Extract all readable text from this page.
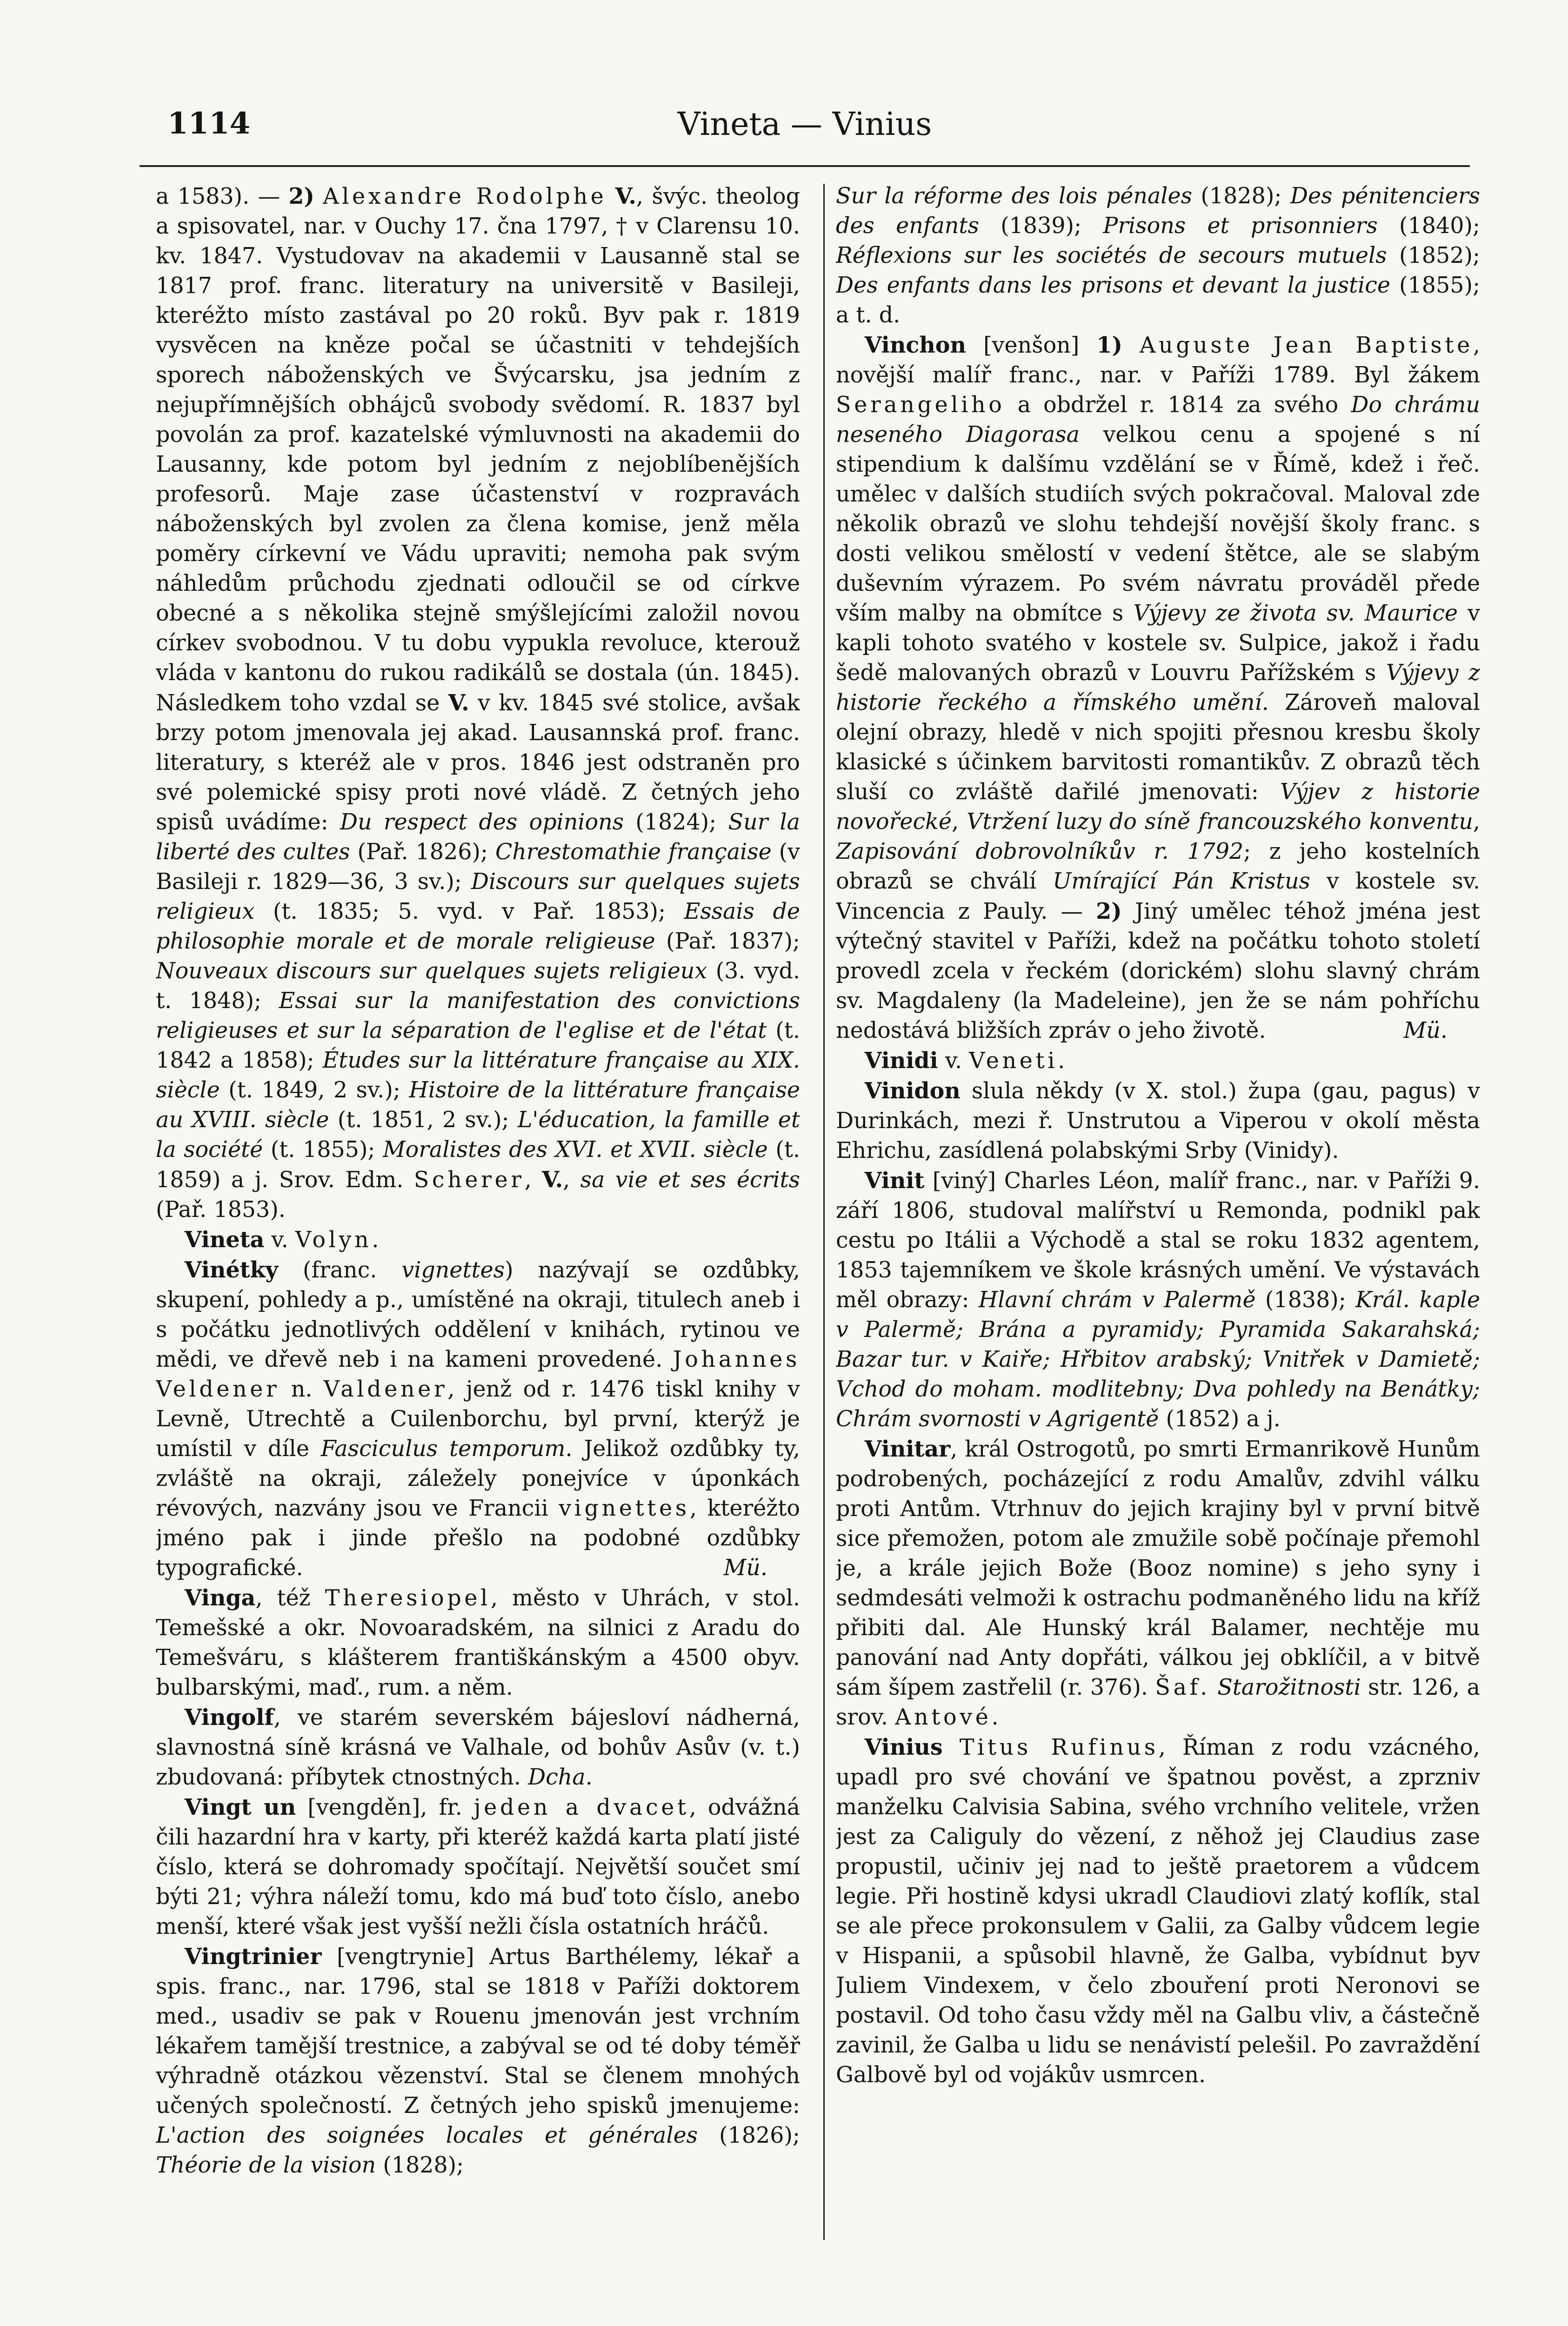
1114	Vineta — Vinius

a 1583). — 2) Alexandre Rodolphe V., švýc. theolog a spisovatel, nar. v Ouchy 17. čna 1797, † v Clarensu 10. kv. 1847. Vystudovav na akademii v Lausanně stal se 1817 prof. franc. literatury na universitě v Basileji, kteréžto místo zastával po 20 roků. Byv pak r. 1819 vysvěcen na kněze počal se účastniti v tehdejších sporech náboženských ve Švýcarsku, jsa jedním z nejupřímnějších obhájců svobody svědomí. R. 1837 byl povolán za prof. kazatelské výmluvnosti na akademii do Lausanny, kde potom byl jedním z nejoblíbenějších profesorů. Maje zase účastenství v rozpravách náboženských byl zvolen za člena komise, jenž měla poměry církevní ve Vádu upraviti; nemoha pak svým náhledům průchodu zjednati odloučil se od církve obecné a s několika stejně smýšlejícími založil novou církev svobodnou. V tu dobu vypukla revoluce, kterouž vláda v kantonu do rukou radikálů se dostala (ún. 1845). Následkem toho vzdal se V. v kv. 1845 své stolice, avšak brzy potom jmenovala jej akad. Lausannská prof. franc. literatury, s kteréž ale v pros. 1846 jest odstraněn pro své polemické spisy proti nové vládě. Z četných jeho spisů uvádíme: Du respect des opinions (1824); Sur la liberté des cultes (Pař. 1826); Chrestomathie française (v Basileji r. 1829—36, 3 sv.); Discours sur quelques sujets religieux (t. 1835; 5. vyd. v Pař. 1853); Essais de philosophie morale et de morale religieuse (Pař. 1837); Nouveaux discours sur quelques sujets religieux (3. vyd. t. 1848); Essai sur la manifestation des convictions religieuses et sur la séparation de l'eglise et de l'état (t. 1842 a 1858); Études sur la littérature française au XIX. siècle (t. 1849, 2 sv.); Histoire de la littérature française au XVIII. siècle (t. 1851, 2 sv.); L'éducation, la famille et la société (t. 1855); Moralistes des XVI. et XVII. siècle (t. 1859) a j. Srov. Edm. Scherer, V., sa vie et ses écrits (Pař. 1853).

Vineta v. Volyn.

Vinétky (franc. vignettes) nazývají se ozdůbky, skupení, pohledy a p., umístěné na okraji, titulech aneb i s počátku jednotlivých oddělení v knihách, rytinou ve mědi, ve dřevě neb i na kameni provedené. Johannes Veldener n. Valdener, jenž od r. 1476 tiskl knihy v Levně, Utrechtě a Cuilenborchu, byl první, kterýž je umístil v díle Fasciculus temporum. Jelikož ozdůbky ty, zvláště na okraji, záležely ponejvíce v úponkách révových, nazvány jsou ve Francii vignettes, kteréžto jméno pak i jinde přešlo na podobné ozdůbky typografické.	Mü.

Vinga, též Theresiopel, město v Uhrách, v stol. Temešské a okr. Novoaradském, na silnici z Aradu do Temešváru, s klášterem františkánským a 4500 obyv. bulbarskými, maď., rum. a něm.

Vingolf, ve starém severském bájesloví nádherná, slavnostná síně krásná ve Valhale, od bohův Asův (v. t.) zbudovaná: příbytek ctnostných. Dcha.

Vingt un [vengděn], fr. jeden a dvacet, odvážná čili hazardní hra v karty, při kteréž každá karta platí jisté číslo, která se dohromady spočítají. Největší součet smí býti 21; výhra náleží tomu, kdo má buď toto číslo, anebo menší, které však jest vyšší nežli čísla ostatních hráčů.

Vingtrinier [vengtrynie] Artus Barthélemy, lékař a spis. franc., nar. 1796, stal se 1818 v Paříži doktorem med., usadiv se pak v Rouenu jmenován jest vrchním lékařem tamější trestnice, a zabýval se od té doby téměř výhradně otázkou vězenství. Stal se členem mnohých učených společností. Z četných jeho spisků jmenujeme: L'action des soignées locales et générales (1826); Théorie de la vision (1828);

Sur la réforme des lois pénales (1828); Des pénitenciers des enfants (1839); Prisons et prisonniers (1840); Réflexions sur les sociétés de secours mutuels (1852); Des enfants dans les prisons et devant la justice (1855); a t. d.

Vinchon [venšon] 1) Auguste Jean Baptiste, novější malíř franc., nar. v Paříži 1789. Byl žákem Serangeliho a obdržel r. 1814 za svého Do chrámu neseného Diagorasa velkou cenu a spojené s ní stipendium k dalšímu vzdělání se v Římě, kdež i řeč. umělec v dalších studiích svých pokračoval. Maloval zde několik obrazů ve slohu tehdejší novější školy franc. s dosti velikou smělostí v vedení štětce, ale se slabým duševním výrazem. Po svém návratu prováděl přede vším malby na obmítce s Výjevy ze života sv. Maurice v kapli tohoto svatého v kostele sv. Sulpice, jakož i řadu šedě malovaných obrazů v Louvru Pařížském s Výjevy z historie řeckého a římského umění. Zároveň maloval olejní obrazy, hledě v nich spojiti přesnou kresbu školy klasické s účinkem barvitosti romantikův. Z obrazů těch sluší co zvláště dařilé jmenovati: Výjev z historie novořecké, Vtržení luzy do síně francouzského konventu, Zapisování dobrovolníkův r. 1792; z jeho kostelních obrazů se chválí Umírající Pán Kristus v kostele sv. Vincencia z Pauly. — 2) Jiný umělec téhož jména jest výtečný stavitel v Paříži, kdež na počátku tohoto století provedl zcela v řeckém (dorickém) slohu slavný chrám sv. Magdaleny (la Madeleine), jen že se nám pohříchu nedostává bližších zpráv o jeho životě.	Mü.

Vinidi v. Veneti.

Vinidon slula někdy (v X. stol.) župa (gau, pagus) v Durinkách, mezi ř. Unstrutou a Viperou v okolí města Ehrichu, zasídlená polabskými Srby (Vinidy).

Vinit [viný] Charles Léon, malíř franc., nar. v Paříži 9. září 1806, studoval malířství u Remonda, podnikl pak cestu po Itálii a Východě a stal se roku 1832 agentem, 1853 tajemníkem ve škole krásných umění. Ve výstavách měl obrazy: Hlavní chrám v Palermě (1838); Král. kaple v Palermě; Brána a pyramidy; Pyramida Sakarahská; Bazar tur. v Kaiře; Hřbitov arabský; Vnitřek v Damietě; Vchod do moham. modlitebny; Dva pohledy na Benátky; Chrám svornosti v Agrigentě (1852) a j.

Vinitar, král Ostrogotů, po smrti Ermanrikově Hunům podrobených, pocházející z rodu Amalův, zdvihl válku proti Antům. Vtrhnuv do jejich krajiny byl v první bitvě sice přemožen, potom ale zmužile sobě počínaje přemohl je, a krále jejich Bože (Booz nomine) s jeho syny i sedmdesáti velmoži k ostrachu podmaněného lidu na kříž přibiti dal. Ale Hunský král Balamer, nechtěje mu panování nad Anty dopřáti, válkou jej obklíčil, a v bitvě sám šípem zastřelil (r. 376). Šaf. Starožitnosti str. 126, a srov. Antové.

Vinius Titus Rufinus, Říman z rodu vzácného, upadl pro své chování ve špatnou pověst, a zprzniv manželku Calvisia Sabina, svého vrchního velitele, vržen jest za Caliguly do vězení, z něhož jej Claudius zase propustil, učiniv jej nad to ještě praetorem a vůdcem legie. Při hostině kdysi ukradl Claudiovi zlatý koflík, stal se ale přece prokonsulem v Galii, za Galby vůdcem legie v Hispanii, a spůsobil hlavně, že Galba, vybídnut byv Juliem Vindexem, v čelo zbouření proti Neronovi se postavil. Od toho času vždy měl na Galbu vliv, a částečně zavinil, že Galba u lidu se nenávistí pelešil. Po zavraždění Galbově byl od vojákův usmrcen.
